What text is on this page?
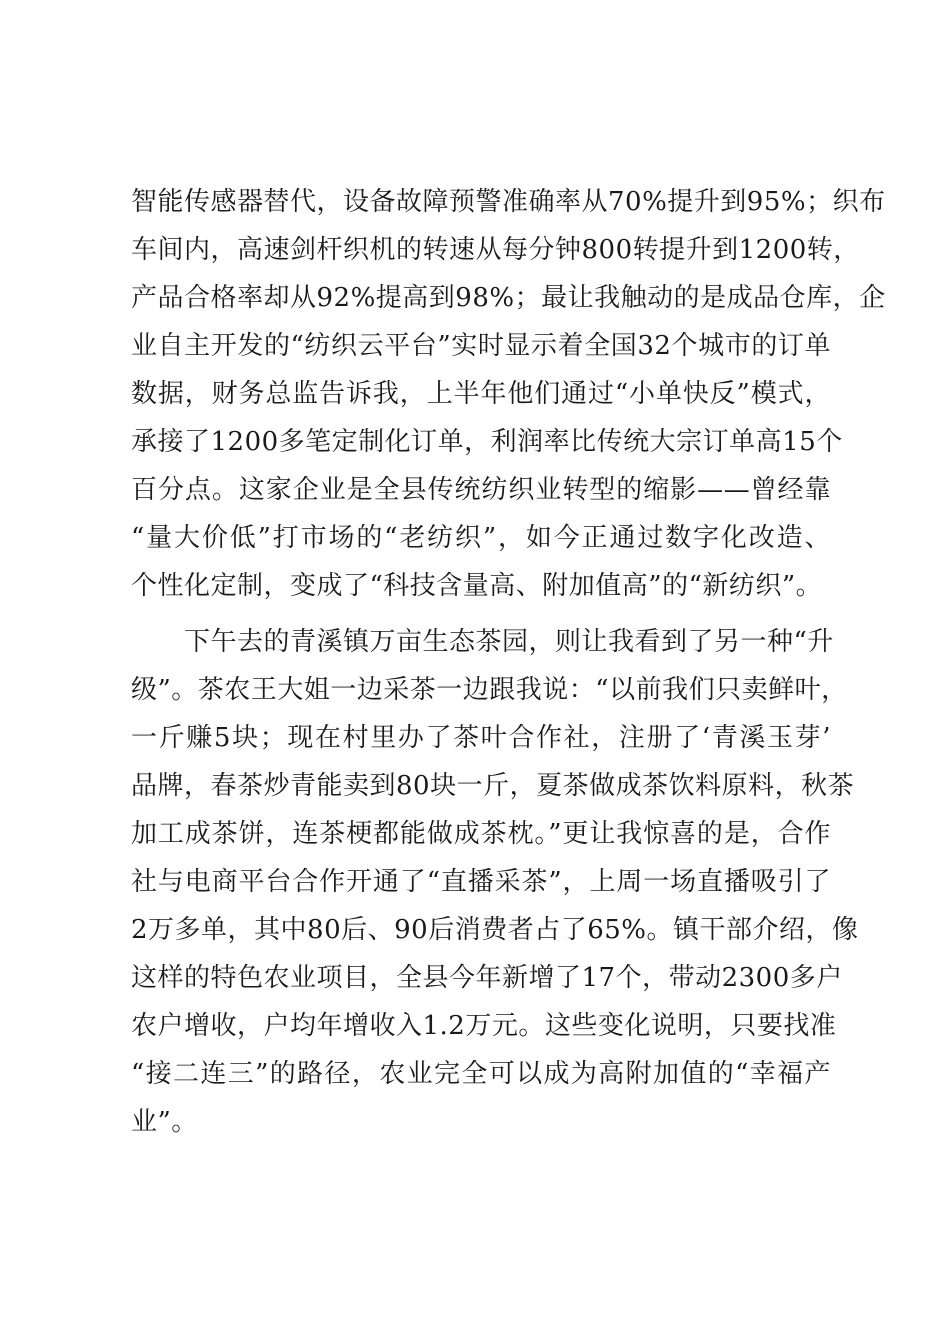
智能传感器替代，设备故障预警准确率从70%提升到95%；织布
车间内，高速剑杆织机的转速从每分钟800转提升到1200转，
产品合格率却从92%提高到98%；最让我触动的是成品仓库，企
业自主开发的“纺织云平台”实时显示着全国32个城市的订单
数据，财务总监告诉我，上半年他们通过“小单快反”模式，
承接了1200多笔定制化订单，利润率比传统大宗订单高15个
百分点。这家企业是全县传统纺织业转型的缩影——曾经靠
“量大价低”打市场的“老纺织”，如今正通过数字化改造、
个性化定制，变成了“科技含量高、附加值高”的“新纺织”。
　　下午去的青溪镇万亩生态茶园，则让我看到了另一种“升
级”。茶农王大姐一边采茶一边跟我说：“以前我们只卖鲜叶，
一斤赚5块；现在村里办了茶叶合作社，注册了‘青溪玉芽’
品牌，春茶炒青能卖到80块一斤，夏茶做成茶饮料原料，秋茶
加工成茶饼，连茶梗都能做成茶枕。”更让我惊喜的是，合作
社与电商平台合作开通了“直播采茶”，上周一场直播吸引了
2万多单，其中80后、90后消费者占了65%。镇干部介绍，像
这样的特色农业项目，全县今年新增了17个，带动2300多户
农户增收，户均年增收入1.2万元。这些变化说明，只要找准
“接二连三”的路径，农业完全可以成为高附加值的“幸福产
业”。
